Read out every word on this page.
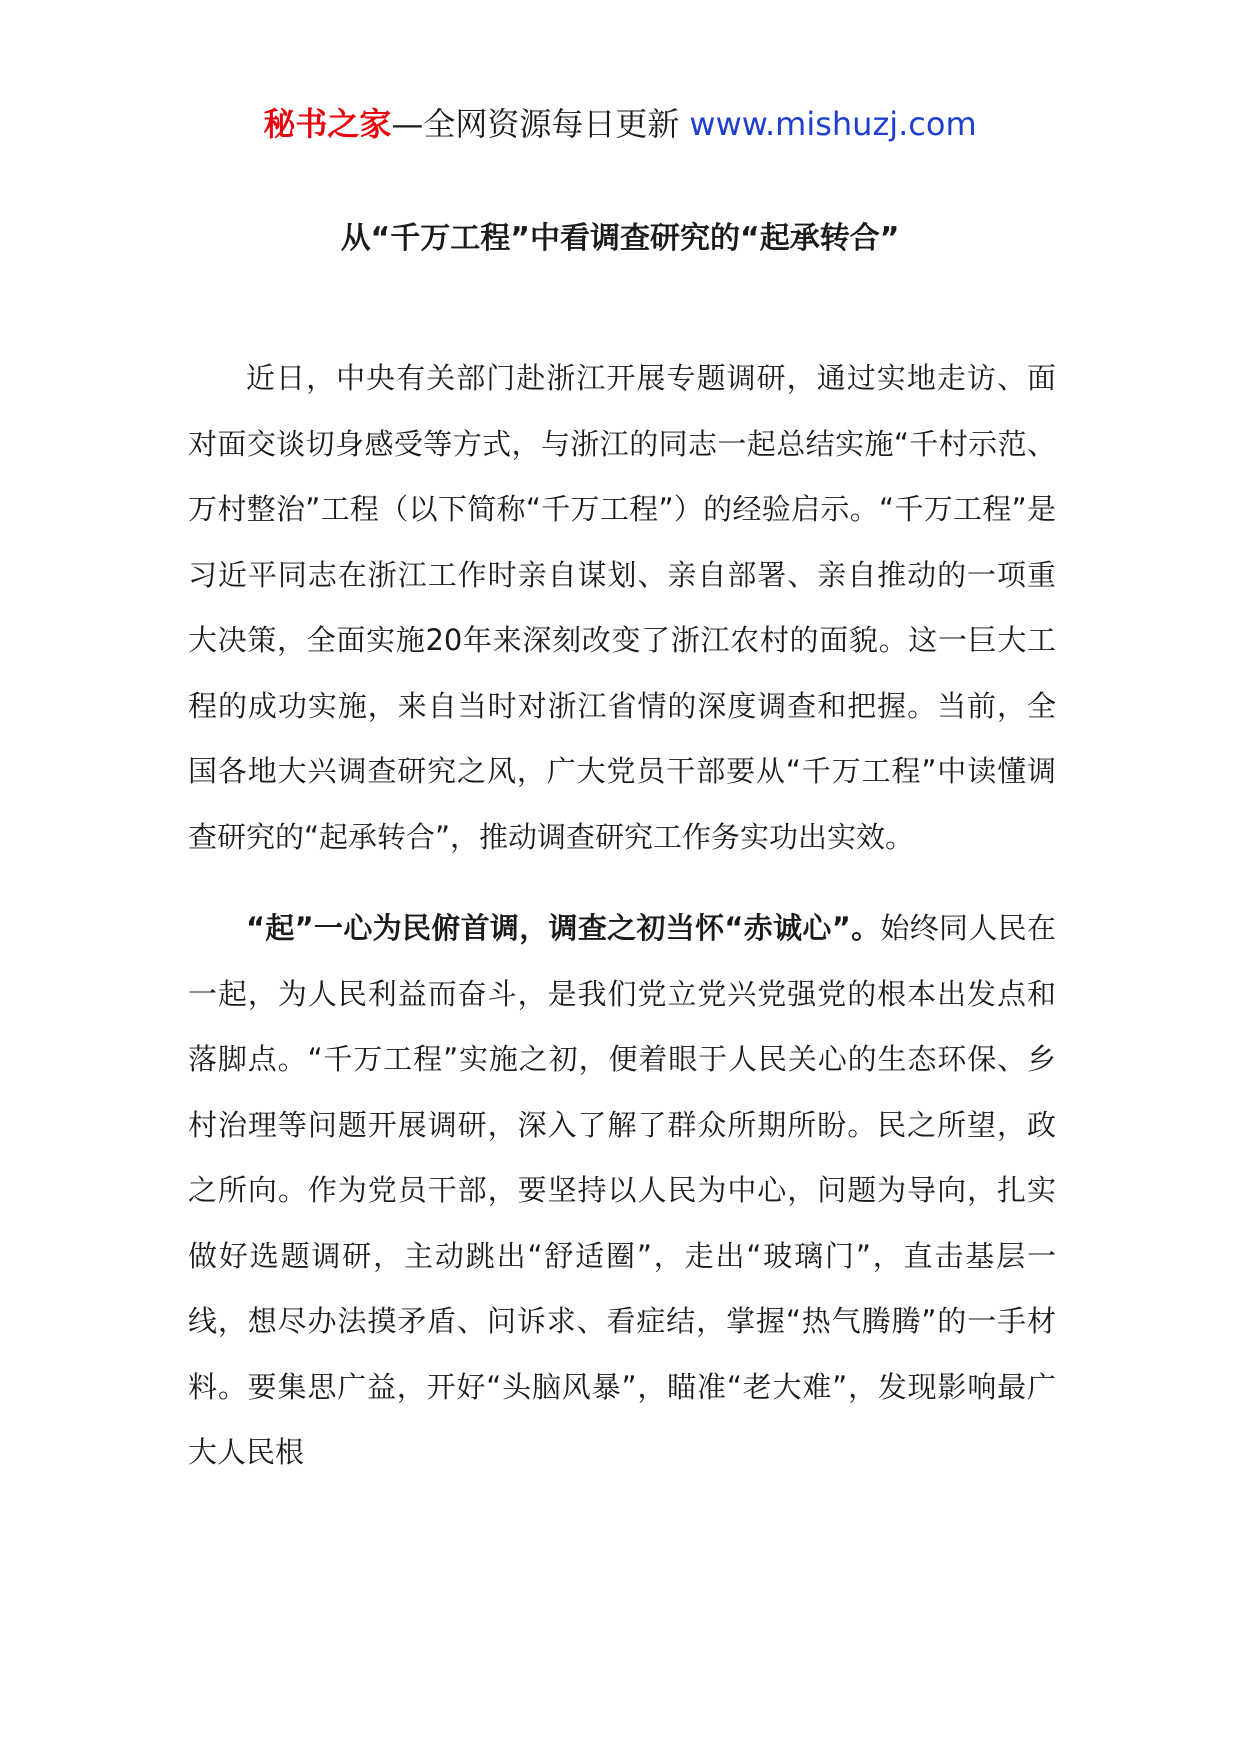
秘书之家—全网资源每日更新 www.mishuzj.com
从“千万工程”中看调查研究的“起承转合”

近日，中央有关部门赴浙江开展专题调研，通过实地走访、面对面交谈切身感受等方式，与浙江的同志一起总结实施“千村示范、万村整治”工程（以下简称“千万工程”）的经验启示。“千万工程”是习近平同志在浙江工作时亲自谋划、亲自部署、亲自推动的一项重大决策，全面实施20年来深刻改变了浙江农村的面貌。这一巨大工程的成功实施，来自当时对浙江省情的深度调查和把握。当前，全国各地大兴调查研究之风，广大党员干部要从“千万工程”中读懂调查研究的“起承转合”，推动调查研究工作务实功出实效。

“起”一心为民俯首调，调查之初当怀“赤诚心”。始终同人民在一起，为人民利益而奋斗，是我们党立党兴党强党的根本出发点和落脚点。“千万工程”实施之初，便着眼于人民关心的生态环保、乡村治理等问题开展调研，深入了解了群众所期所盼。民之所望，政之所向。作为党员干部，要坚持以人民为中心，问题为导向，扎实做好选题调研，主动跳出“舒适圈”，走出“玻璃门”，直击基层一线，想尽办法摸矛盾、问诉求、看症结，掌握“热气腾腾”的一手材料。要集思广益，开好“头脑风暴”，瞄准“老大难”，发现影响最广大人民根
